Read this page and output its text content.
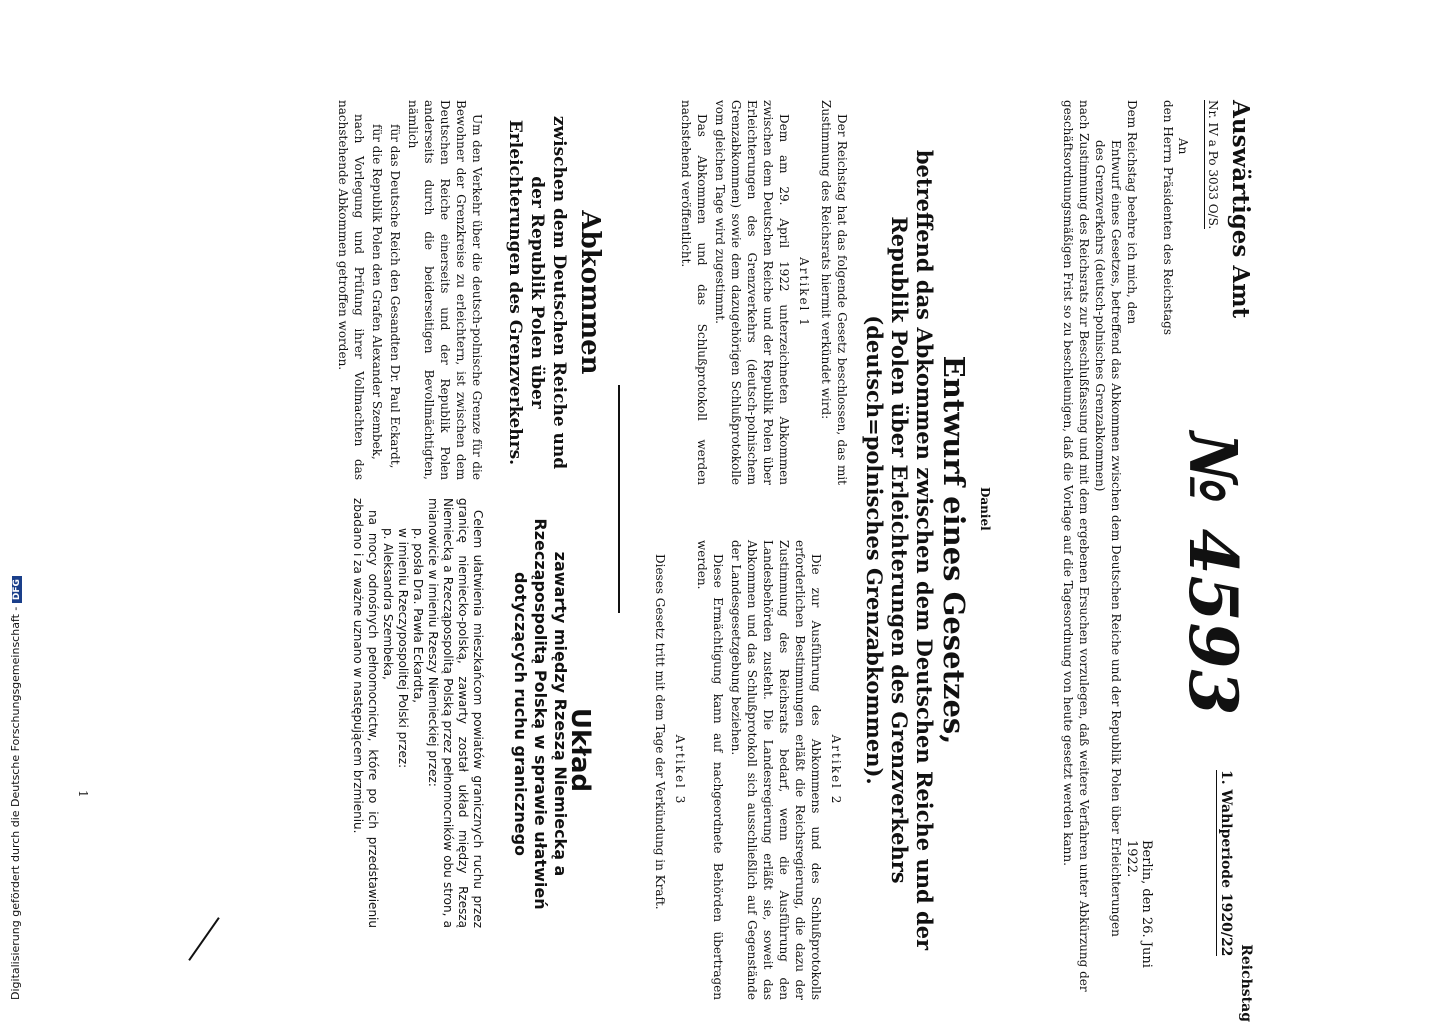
Auswärtiges Amt
Nr. IV a Po 3033 O/S.
An
den Herrn Präsidenten des Reichstags
№ 4593
Reichstag
1. Wahlperiode 1920/22

Dem Reichstag beehre ich mich, den

Entwurf eines Gesetzes, betreffend das Abkommen zwischen dem Deutschen Reiche und der Republik Polen über Erleichterungen des Grenzverkehrs (deutsch-polnisches Grenzabkommen)

nach Zustimmung des Reichsrats zur Beschlußfassung und mit dem ergebenen Ersuchen vorzulegen, daß weitere Verfahren unter Abkürzung der geschäftsordnungsmäßigen Frist so zu beschleunigen, daß die Vorlage auf die Tagesordnung von heute gesetzt werden kann.

Berlin, den 26. Juni 1922.
Daniel
Entwurf eines Gesetzes,
betreffend das Abkommen zwischen dem Deutschen Reiche und der Republik Polen über Erleichterungen des Grenzverkehrs (deutsch=polnisches Grenzabkommen).

Der Reichstag hat das folgende Gesetz beschlossen, das mit Zustimmung des Reichsrats hiermit verkündet wird:

Artikel 1

Dem am 29. April 1922 unterzeichneten Abkommen zwischen dem Deutschen Reiche und der Republik Polen über Erleichterungen des Grenzverkehrs (deutsch-polnischem Grenzabkommen) sowie dem dazugehörigen Schlußprotokolle vom gleichen Tage wird zugestimmt.

Das Abkommen und das Schlußprotokoll werden nachstehend veröffentlicht.

Artikel 2

Die zur Ausführung des Abkommens und des Schlußprotokolls erforderlichen Bestimmungen erläßt die Reichsregierung, die dazu der Zustimmung des Reichsrats bedarf, wenn die Ausführung den Landesbehörden zusteht. Die Landesregierung erläßt sie, soweit das Abkommen und das Schlußprotokoll sich ausschließlich auf Gegenstände der Landesgesetzgebung beziehen.

Diese Ermächtigung kann auf nachgeordnete Behörden übertragen werden.

Artikel 3

Dieses Gesetz tritt mit dem Tage der Verkündung in Kraft.

Abkommen
zwischen dem Deutschen Reiche und der Republik Polen über Erleichterungen des Grenzverkehrs.

Um den Verkehr über die deutsch-polnische Grenze für die Bewohner der Grenzkreise zu erleichtern, ist zwischen dem Deutschen Reiche einerseits und der Republik Polen anderseits durch die beiderseitigen Bevollmächtigten, nämlich

für das Deutsche Reich den Gesandten Dr. Paul Eckardt,

für die Republik Polen den Grafen Alexander Szembek,

nach Vorlegung und Prüfung ihrer Vollmachten das nachstehende Abkommen getroffen worden.

Układ
zawarty między Rzeszą Niemiecką a Rzecząpospolitą Polską w sprawie ułatwień dotyczących ruchu granicznego

Celem ułatwienia mieszkańcom powiatów granicznych ruchu przez granicę niemiecko-polską, zawarty został układ między Rzeszą Niemiecką a Rzecząpospolitą Polską przez pełnomocników obu stron, a mianowicie w imieniu Rzeszy Niemieckiej przez:

p. posła Dra. Pawła Eckardta,

w imieniu Rzeczypospolitej Polski przez:

p. Aleksandra Szembeka,

na mocy odnośnych pełnomocnictw, które po ich przedstawieniu zbadano i za ważne uznano w następującem brzmieniu.

1
Digitalisierung gefördert durch die Deutsche Forschungsgemeinschaft - DFG
